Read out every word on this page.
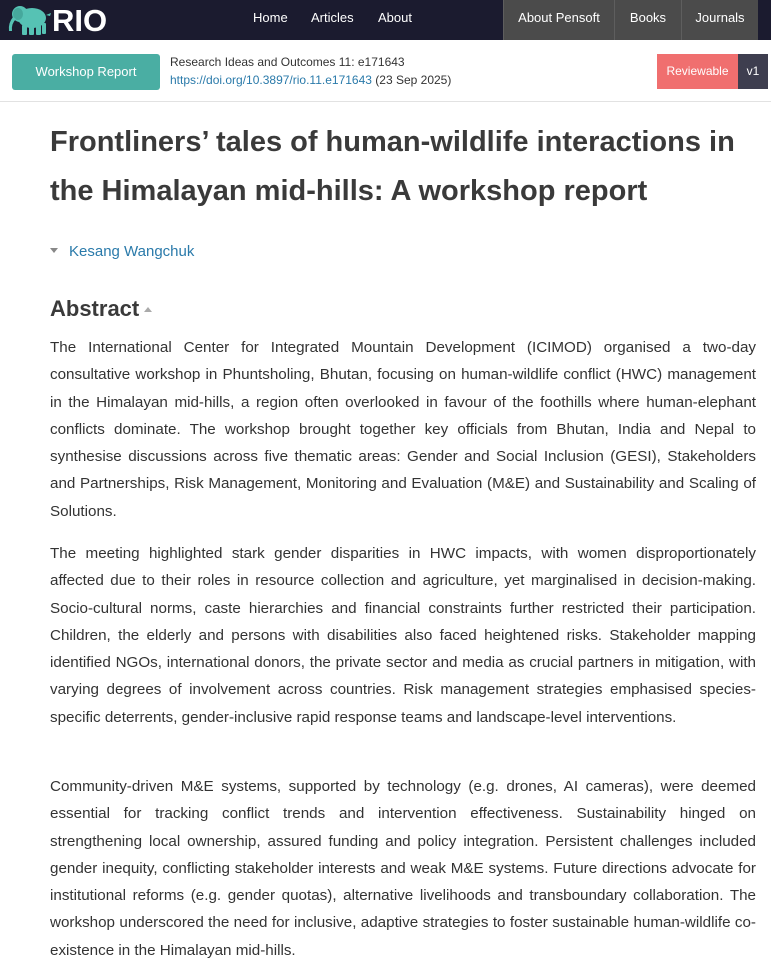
RIO	Home Articles About	About Pensoft	Books	Journals
Workshop Report
Research Ideas and Outcomes 11: e171643
https://doi.org/10.3897/rio.11.e171643 (23 Sep 2025)
Reviewable	v1
Frontliners’ tales of human-wildlife interactions in the Himalayan mid-hills: A workshop report
Kesang Wangchuk
Abstract

The International Center for Integrated Mountain Development (ICIMOD) organised a two-day consultative workshop in Phuntsholing, Bhutan, focusing on human-wildlife conflict (HWC) management in the Himalayan mid-hills, a region often overlooked in favour of the foothills where human-elephant conflicts dominate. The workshop brought together key officials from Bhutan, India and Nepal to synthesise discussions across five thematic areas: Gender and Social Inclusion (GESI), Stakeholders and Partnerships, Risk Management, Monitoring and Evaluation (M&E) and Sustainability and Scaling of Solutions.

The meeting highlighted stark gender disparities in HWC impacts, with women disproportionately affected due to their roles in resource collection and agriculture, yet marginalised in decision-making. Socio-cultural norms, caste hierarchies and financial constraints further restricted their participation. Children, the elderly and persons with disabilities also faced heightened risks. Stakeholder mapping identified NGOs, international donors, the private sector and media as crucial partners in mitigation, with varying degrees of involvement across countries. Risk management strategies emphasised species-specific deterrents, gender-inclusive rapid response teams and landscape-level interventions.

Community-driven M&E systems, supported by technology (e.g. drones, AI cameras), were deemed essential for tracking conflict trends and intervention effectiveness. Sustainability hinged on strengthening local ownership, assured funding and policy integration. Persistent challenges included gender inequity, conflicting stakeholder interests and weak M&E systems. Future directions advocate for institutional reforms (e.g. gender quotas), alternative livelihoods and transboundary collaboration. The workshop underscored the need for inclusive, adaptive strategies to foster sustainable human-wildlife co-existence in the Himalayan mid-hills.
